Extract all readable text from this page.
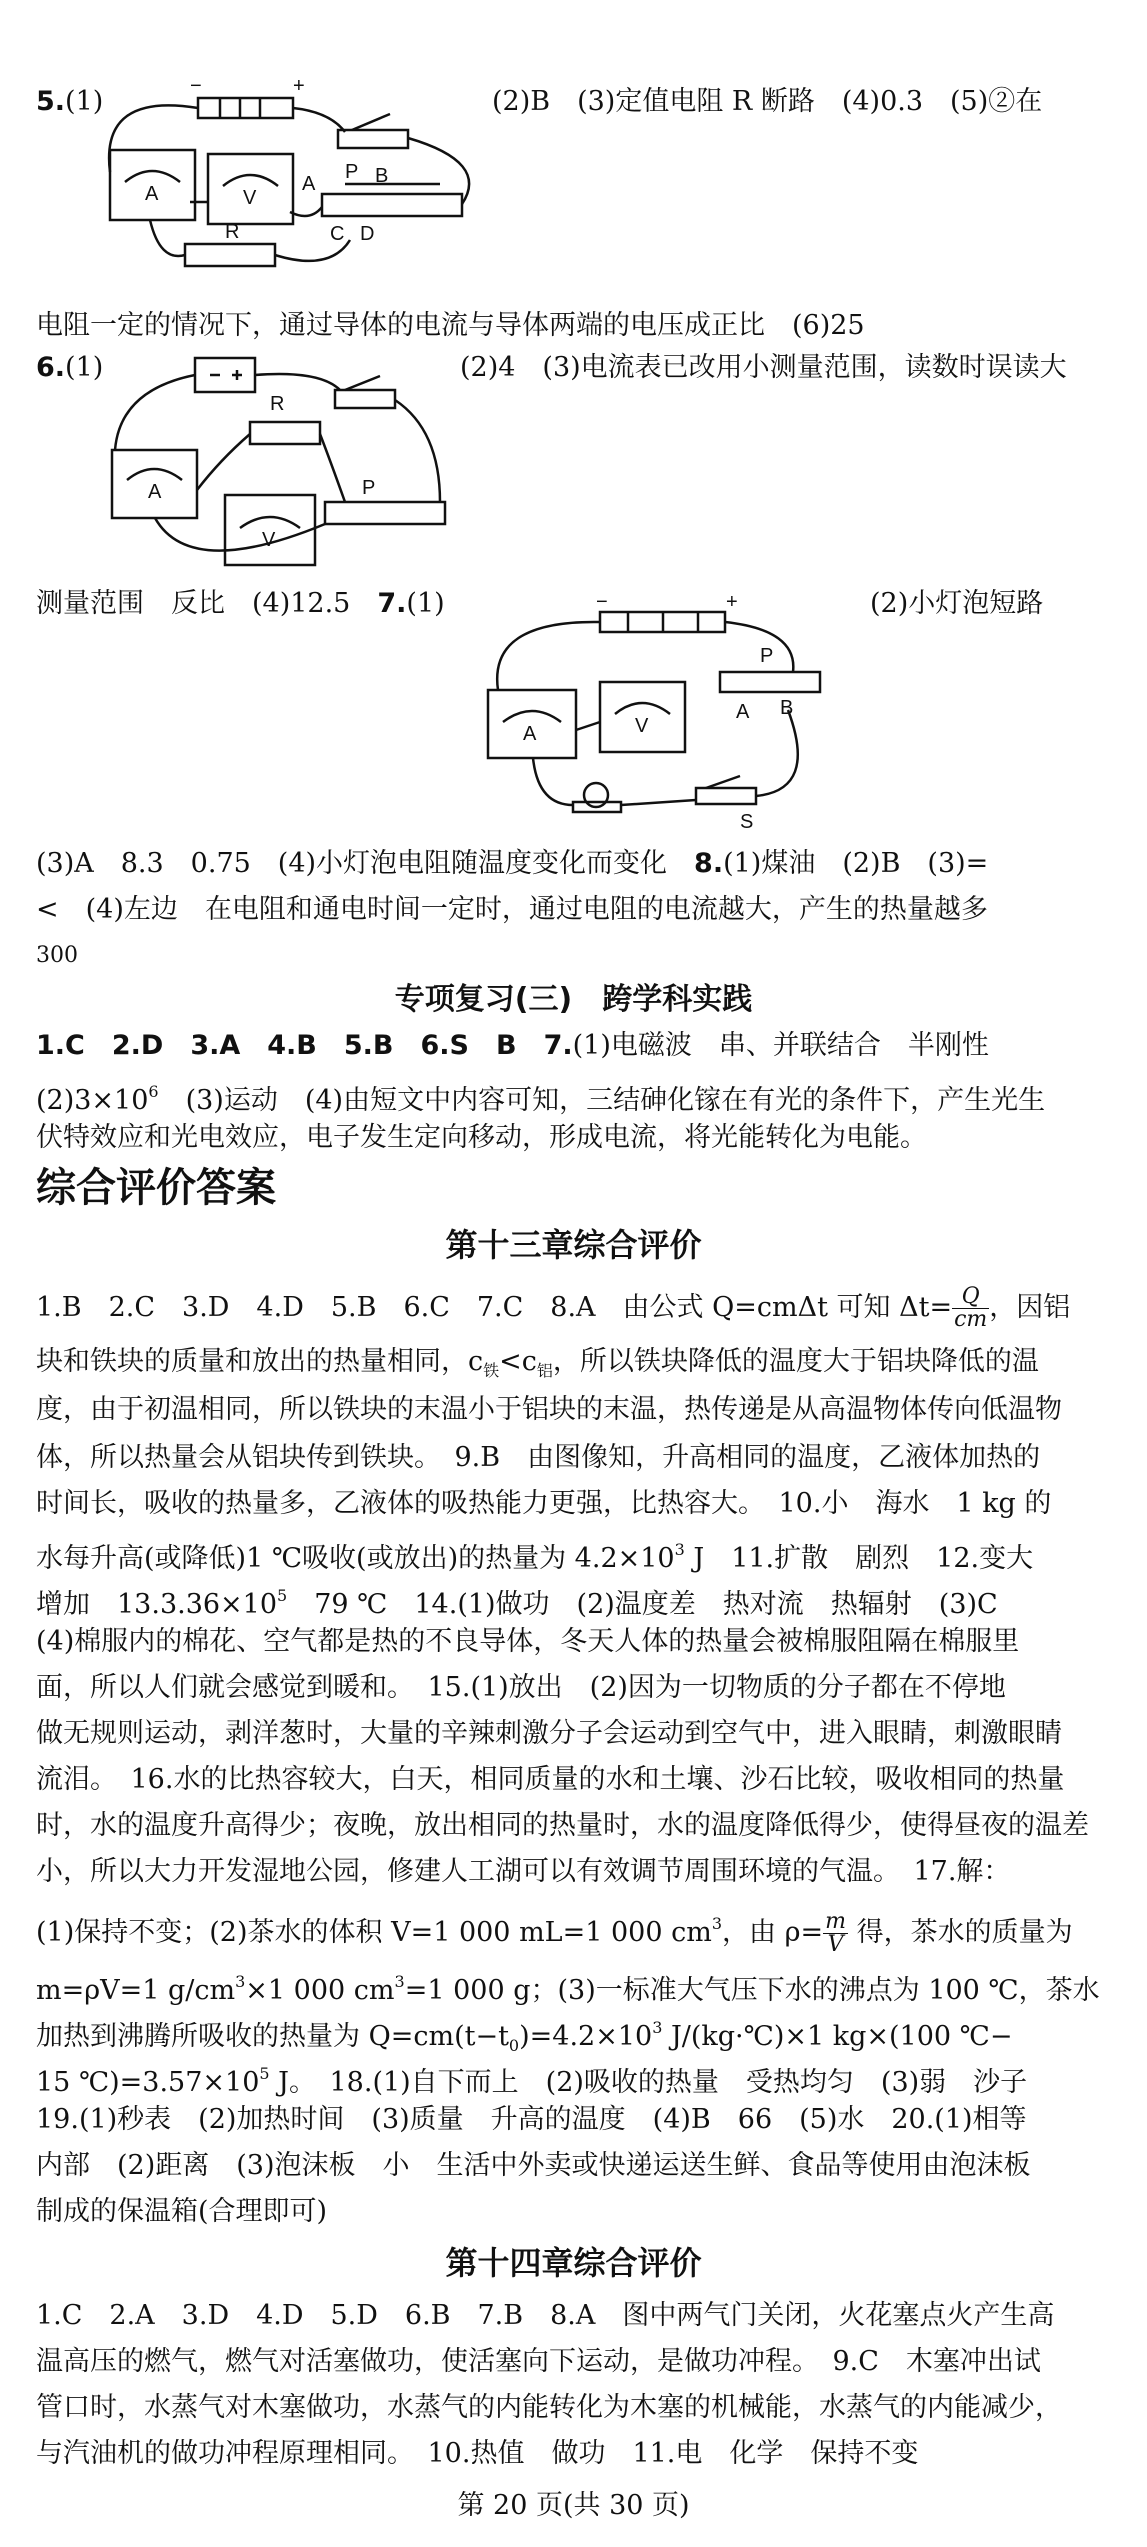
5.(1)	(2)B　(3)定值电阻 R 断路　(4)0.3　(5)②在
−	+
A	V
A
P B
C D
R
电阻一定的情况下，通过导体的电流与导体两端的电压成正比　(6)25
6.(1)	(2)4　(3)电流表已改用小测量范围，读数时误读大
R
A
V
P
测量范围　反比　(4)12.5　 7.(1)	(2)小灯泡短路
−	+
P
A B
A	V
S
(3)A　8.3　0.75　(4)小灯泡电阻随温度变化而变化　 8.(1)煤油　(2)B　(3)=
<　(4)左边　在电阻和通电时间一定时，通过电阻的电流越大，产生的热量越多
300
专项复习(三)　跨学科实践
1.C　2.D　3.A　4.B　5.B　6.S　B　 7.(1)电磁波　串、并联结合　半刚性
$(2)3\times 10^6$　(3)运动　(4)由短文中内容可知，三结砷化镓在有光的条件下，产生光生
伏特效应和光电效应，电子发生定向移动，形成电流，将光能转化为电能。
综合评价答案
第十三章综合评价
1.B　2.C　3.D　4.D　5.B　6.C　7.C　8.A　由公式 Q=cmΔt 可知 $\Delta t= \frac{Q}{cm}$ ，因铝
块和铁块的质量和放出的热量相同，$c_铁<c_铝$，所以铁块降低的温度大于铝块降低的温
度，由于初温相同，所以铁块的末温小于铝块的末温，热传递是从高温物体传向低温物
体，所以热量会从铝块传到铁块。　9.B　由图像知，升高相同的温度，乙液体加热的
时间长，吸收的热量多，乙液体的吸热能力更强，比热容大。　10.小　海水　1 kg 的
水每升高(或降低)1 ℃吸收(或放出)的热量为 $4.2\times 10^3$ J　11.扩散　剧烈　12.变大
增加　$13.3.36\times 10^5$　79 ℃　14.(1)做功　(2)温度差　热对流　热辐射　(3)C
(4)棉服内的棉花、空气都是热的不良导体，冬天人体的热量会被棉服阻隔在棉服里
面，所以人们就会感觉到暖和。　15.(1)放出　(2)因为一切物质的分子都在不停地
做无规则运动，剥洋葱时，大量的辛辣刺激分子会运动到空气中，进入眼睛，刺激眼睛
流泪。　16.水的比热容较大，白天，相同质量的水和土壤、沙石比较，吸收相同的热量
时，水的温度升高得少；夜晚，放出相同的热量时，水的温度降低得少，使得昼夜的温差
小，所以大力开发湿地公园，修建人工湖可以有效调节周围环境的气温。　17.解：
(1)保持不变；(2)茶水的体积 V=1 000 mL=1 000 $cm^3$，由 $\rho= \frac{m}{V}$ 得，茶水的质量为
m=ρV=1 $g/cm^3\times 1$ 000 $cm^3=1$ 000 g；(3)一标准大气压下水的沸点为 100 ℃，茶水
加热到沸腾所吸收的热量为 $Q=cm(t-t_0)=4.2\times 10^3$ J/(kg·℃)×1 kg×(100 ℃−
15 $℃)=3.57\times 10^5$ J。　18.(1)自下而上　(2)吸收的热量　受热均匀　(3)弱　沙子
19.(1)秒表　(2)加热时间　(3)质量　升高的温度　(4)B　66　(5)水　20.(1)相等
内部　(2)距离　(3)泡沫板　小　生活中外卖或快递运送生鲜、食品等使用由泡沫板
制成的保温箱(合理即可)
第十四章综合评价
1.C　2.A　3.D　4.D　5.D　6.B　7.B　8.A　图中两气门关闭，火花塞点火产生高
温高压的燃气，燃气对活塞做功，使活塞向下运动，是做功冲程。　9.C　木塞冲出试
管口时，水蒸气对木塞做功，水蒸气的内能转化为木塞的机械能，水蒸气的内能减少，
与汽油机的做功冲程原理相同。　10.热值　做功　11.电　化学　保持不变
第 20 页(共 30 页)
